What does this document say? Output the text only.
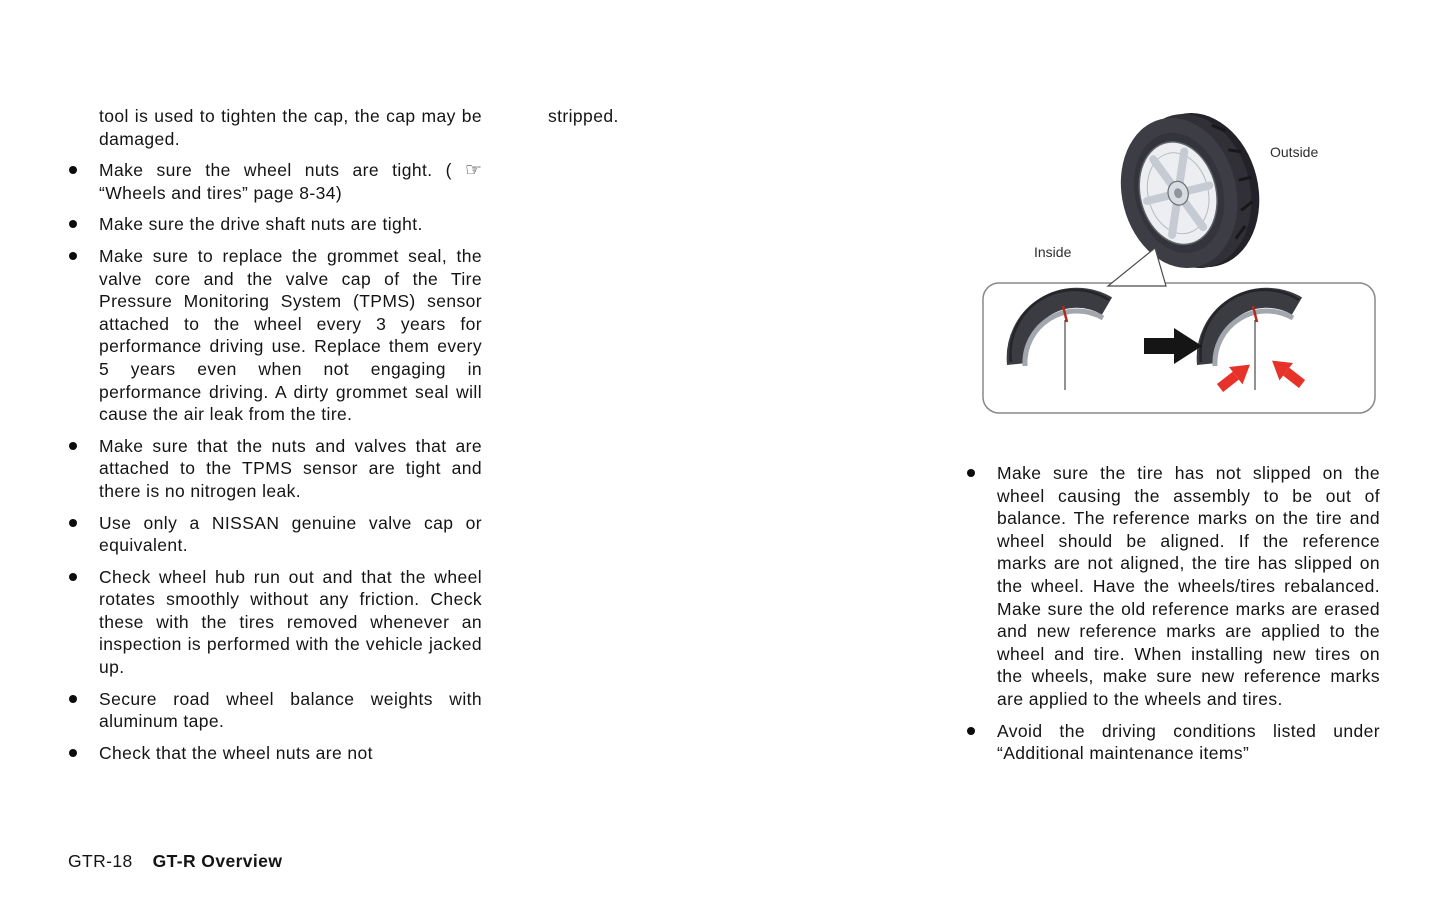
tool is used to tighten the cap, the cap may be damaged.

Make sure the wheel nuts are tight. ( ☞ “Wheels and tires” page 8-34)
Make sure the drive shaft nuts are tight.
Make sure to replace the grommet seal, the valve core and the valve cap of the Tire Pressure Monitoring System (TPMS) sensor attached to the wheel every 3 years for performance driving use. Replace them every 5 years even when not engaging in performance driving. A dirty grommet seal will cause the air leak from the tire.
Make sure that the nuts and valves that are attached to the TPMS sensor are tight and there is no nitrogen leak.
Use only a NISSAN genuine valve cap or equivalent.
Check wheel hub run out and that the wheel rotates smoothly without any friction. Check these with the tires removed whenever an inspection is performed with the vehicle jacked up.
Secure road wheel balance weights with aluminum tape.
Check that the wheel nuts are not

stripped.

Outside
Inside
Make sure the tire has not slipped on the wheel causing the assembly to be out of balance. The reference marks on the tire and wheel should be aligned. If the reference marks are not aligned, the tire has slipped on the wheel. Have the wheels/tires rebalanced. Make sure the old reference marks are erased and new reference marks are applied to the wheel and tire. When installing new tires on the wheels, make sure new reference marks are applied to the wheels and tires.
Avoid the driving conditions listed under “Additional maintenance items”
GTR-18 GT-R Overview
